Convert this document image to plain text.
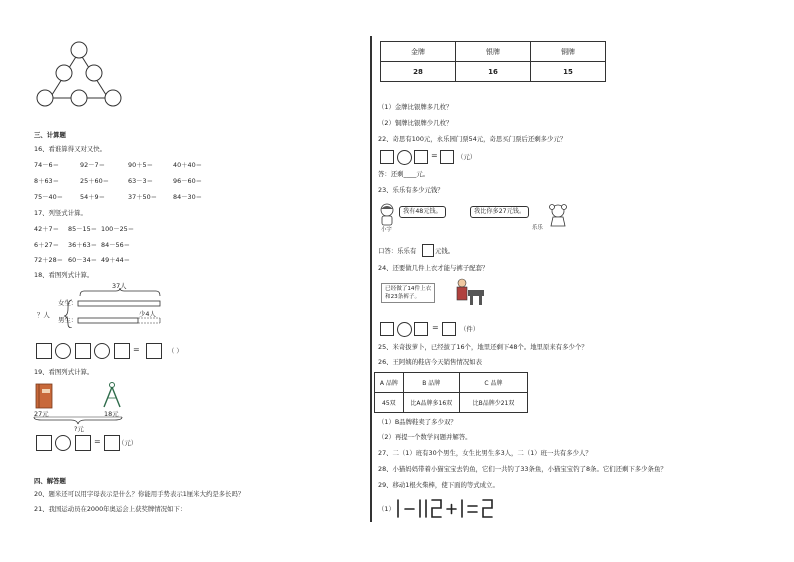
三、计算题
16、看谁算得又对又快。
74－6＝	92－7＝	90＋5＝	40＋40＝
8＋63＝	25＋60＝	63－3＝	96－60＝
75－40＝	54＋9＝	37＋50＝ 84－30＝
17、列竖式计算。
42＋7＝ 85－15＝ 100－25＝
6＋27＝ 36＋63＝ 84－56＝
72＋28＝ 60－34＝ 49＋44＝
18、看图列式计算。
37人
？人
女生：
男生：
少4人
=	（ ）
19、看图列式计算。
27元	18元
?元
=	（元）
四、解答题
20、题米还可以用字母表示是什么？你能用手势表示1厘米大约是多长吗？
21、我国运动员在2000年奥运会上获奖牌情况如下：
金牌	银牌	铜牌
28	16	15
（1）金牌比银牌多几枚？
（2）铜牌比银牌少几枚？
22、奇思有100元，永乐园门票54元，奇思买门票后还剩多少元？
=	（元）
答：还剩____元。
23、乐乐有多少元钱？
我有48元钱。
小宇
我比你多27元钱。
乐乐
口答：乐乐有	元钱。
24、还要做几件上衣才能与裤子配套？
已经做了14件上衣
和23条裤子。
=	（件）
25、米奇拔萝卜，已经拔了16个，地里还剩下48个。地里原来有多少个？
26、王阿姨的鞋店今天销售情况如表
A 品牌	B 品牌	C 品牌
45双	比A品牌多16双	比B品牌少21双
（1）B品牌鞋卖了多少双？
（2）再提一个数学问题并解答。
27、二（1）班有30个男生，女生比男生多3人，二（1）班一共有多少人？
28、小猫妈妈带着小猫宝宝去钓鱼，它们一共钓了33条鱼，小猫宝宝钓了8条。它们还剩下多少条鱼？
29、移动1根火柴棒，使下面的等式成立。
（1）
